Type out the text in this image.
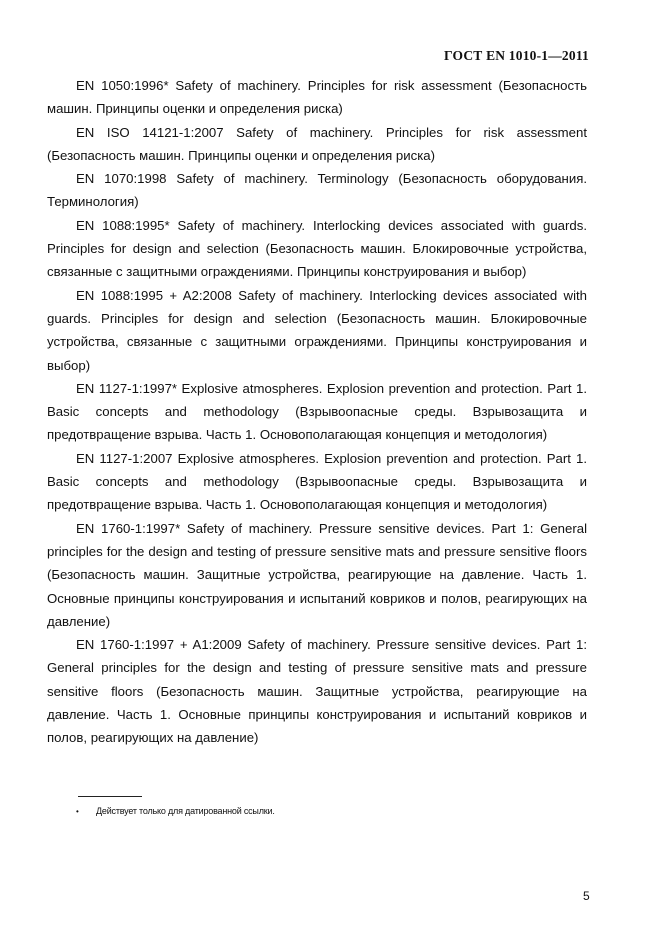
ГОСТ EN 1010-1—2011

EN 1050:1996* Safety of machinery. Principles for risk assessment (Безопасность машин. Принципы оценки и определения риска)

EN ISO 14121-1:2007 Safety of machinery. Principles for risk assessment (Безопасность машин. Принципы оценки и определения риска)

EN 1070:1998 Safety of machinery. Terminology (Безопасность оборудования. Терминология)

EN 1088:1995* Safety of machinery. Interlocking devices associated with guards. Principles for design and selection (Безопасность машин. Блокировочные устройства, связанные с защитными ограждениями. Принципы конструирования и выбор)

EN 1088:1995 + A2:2008 Safety of machinery. Interlocking devices associated with guards. Principles for design and selection (Безопасность машин. Блокировочные устройства, связанные с защитными ограждениями. Принципы конструирования и выбор)

EN 1127-1:1997* Explosive atmospheres. Explosion prevention and protection. Part 1. Basic concepts and methodology (Взрывоопасные среды. Взрывозащита и предотвращение взрыва. Часть 1. Основополагающая концепция и методология)

EN 1127-1:2007 Explosive atmospheres. Explosion prevention and protection. Part 1. Basic concepts and methodology (Взрывоопасные среды. Взрывозащита и предотвращение взрыва. Часть 1. Основополагающая концепция и методология)

EN 1760-1:1997* Safety of machinery. Pressure sensitive devices. Part 1: General principles for the design and testing of pressure sensitive mats and pressure sensitive floors (Безопасность машин. Защитные устройства, реагирующие на давление. Часть 1. Основные принципы конструирования и испытаний ковриков и полов, реагирующих на давление)

EN 1760-1:1997 + A1:2009 Safety of machinery. Pressure sensitive devices. Part 1: General principles for the design and testing of pressure sensitive mats and pressure sensitive floors (Безопасность машин. Защитные устройства, реагирующие на давление. Часть 1. Основные принципы конструирования и испытаний ковриков и полов, реагирующих на давление)

• Действует только для датированной ссылки.
5
